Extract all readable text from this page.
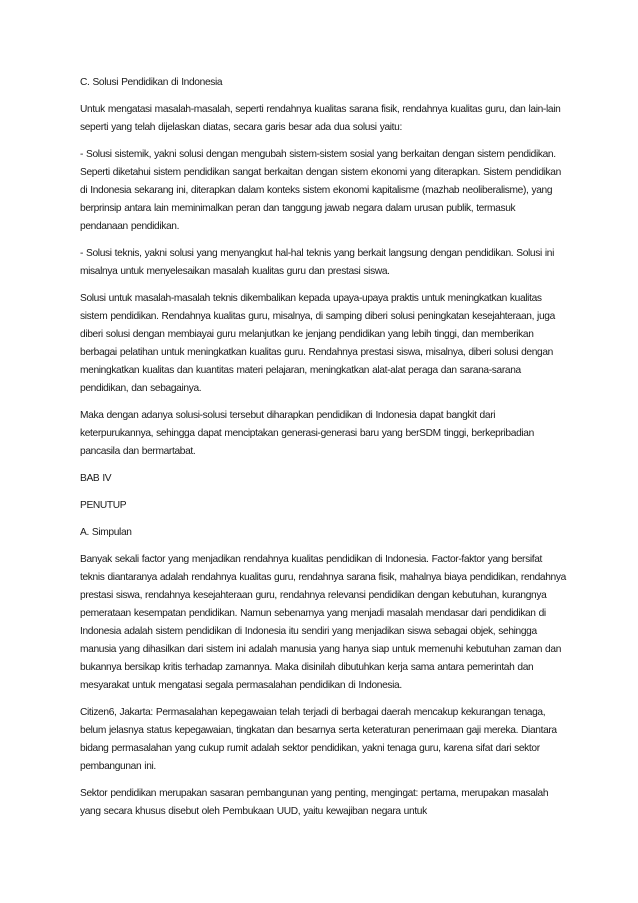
C. Solusi Pendidikan di Indonesia

Untuk mengatasi masalah-masalah, seperti rendahnya kualitas sarana fisik, rendahnya kualitas guru, dan lain-lain seperti yang telah dijelaskan diatas, secara garis besar ada dua solusi yaitu:

- Solusi sistemik, yakni solusi dengan mengubah sistem-sistem sosial yang berkaitan dengan sistem pendidikan. Seperti diketahui sistem pendidikan sangat berkaitan dengan sistem ekonomi yang diterapkan. Sistem pendidikan di Indonesia sekarang ini, diterapkan dalam konteks sistem ekonomi kapitalisme (mazhab neoliberalisme), yang berprinsip antara lain meminimalkan peran dan tanggung jawab negara dalam urusan publik, termasuk pendanaan pendidikan.

- Solusi teknis, yakni solusi yang menyangkut hal-hal teknis yang berkait langsung dengan pendidikan. Solusi ini misalnya untuk menyelesaikan masalah kualitas guru dan prestasi siswa.

Solusi untuk masalah-masalah teknis dikembalikan kepada upaya-upaya praktis untuk meningkatkan kualitas sistem pendidikan. Rendahnya kualitas guru, misalnya, di samping diberi solusi peningkatan kesejahteraan, juga diberi solusi dengan membiayai guru melanjutkan ke jenjang pendidikan yang lebih tinggi, dan memberikan berbagai pelatihan untuk meningkatkan kualitas guru. Rendahnya prestasi siswa, misalnya, diberi solusi dengan meningkatkan kualitas dan kuantitas materi pelajaran, meningkatkan alat-alat peraga dan sarana-sarana pendidikan, dan sebagainya.

Maka dengan adanya solusi-solusi tersebut diharapkan pendidikan di Indonesia dapat bangkit dari keterpurukannya, sehingga dapat menciptakan generasi-generasi baru yang berSDM tinggi, berkepribadian pancasila dan bermartabat.

BAB IV

PENUTUP

A. Simpulan

Banyak sekali factor yang menjadikan rendahnya kualitas pendidikan di Indonesia. Factor-faktor yang bersifat teknis diantaranya adalah rendahnya kualitas guru, rendahnya sarana fisik, mahalnya biaya pendidikan, rendahnya prestasi siswa, rendahnya kesejahteraan guru, rendahnya relevansi pendidikan dengan kebutuhan, kurangnya pemerataan kesempatan pendidikan. Namun sebenarnya yang menjadi masalah mendasar dari pendidikan di Indonesia adalah sistem pendidikan di Indonesia itu sendiri yang menjadikan siswa sebagai objek, sehingga manusia yang dihasilkan dari sistem ini adalah manusia yang hanya siap untuk memenuhi kebutuhan zaman dan bukannya bersikap kritis terhadap zamannya. Maka disinilah dibutuhkan kerja sama antara pemerintah dan mesyarakat untuk mengatasi segala permasalahan pendidikan di Indonesia.

Citizen6, Jakarta: Permasalahan kepegawaian telah terjadi di berbagai daerah mencakup kekurangan tenaga, belum jelasnya status kepegawaian, tingkatan dan besarnya serta keteraturan penerimaan gaji mereka. Diantara bidang permasalahan yang cukup rumit adalah sektor pendidikan, yakni tenaga guru, karena sifat dari sektor pembangunan ini.

Sektor pendidikan merupakan sasaran pembangunan yang penting, mengingat: pertama, merupakan masalah yang secara khusus disebut oleh Pembukaan UUD, yaitu kewajiban negara untuk
